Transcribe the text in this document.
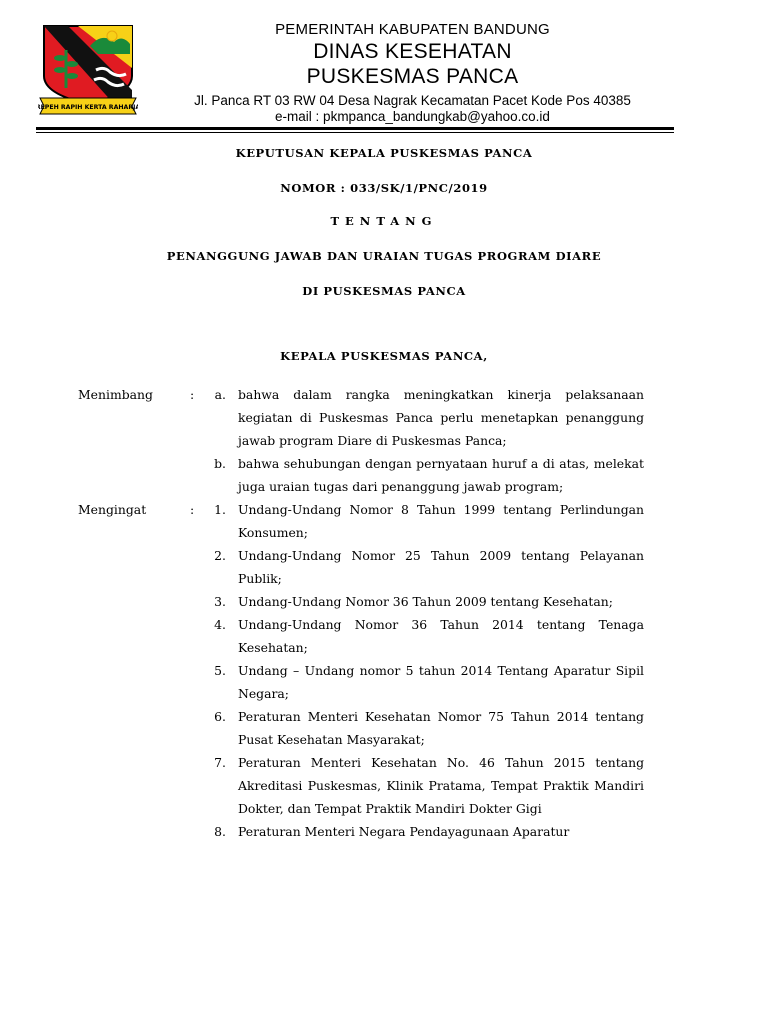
REPEH RAPIH KERTA RAHARJA
PEMERINTAH KABUPATEN BANDUNG
DINAS KESEHATAN
PUSKESMAS PANCA
Jl. Panca RT 03 RW 04 Desa Nagrak Kecamatan Pacet Kode Pos 40385
e-mail : pkmpanca_bandungkab@yahoo.co.id
KEPUTUSAN KEPALA PUSKESMAS PANCA
NOMOR : 033/SK/1/PNC/2019
TENTANG
PENANGGUNG JAWAB DAN URAIAN TUGAS PROGRAM DIARE
DI PUSKESMAS PANCA
KEPALA PUSKESMAS PANCA,
Menimbang	:	a. bahwa dalam rangka meningkatkan kinerja pelaksanaan kegiatan di Puskesmas Panca perlu menetapkan penanggung jawab program Diare di Puskesmas Panca;
b. bahwa sehubungan dengan pernyataan huruf a di atas, melekat juga uraian tugas dari penanggung jawab program;
Mengingat	:	1. Undang-Undang Nomor 8 Tahun 1999 tentang Perlindungan Konsumen;
2. Undang-Undang Nomor 25 Tahun 2009 tentang Pelayanan Publik;
3. Undang-Undang Nomor 36 Tahun 2009 tentang Kesehatan;
4. Undang-Undang Nomor 36 Tahun 2014 tentang Tenaga Kesehatan;
5. Undang – Undang nomor 5 tahun 2014 Tentang Aparatur Sipil Negara;
6. Peraturan Menteri Kesehatan Nomor 75 Tahun 2014 tentang Pusat Kesehatan Masyarakat;
7. Peraturan Menteri Kesehatan No. 46 Tahun 2015 tentang Akreditasi Puskesmas, Klinik Pratama, Tempat Praktik Mandiri Dokter, dan Tempat Praktik Mandiri Dokter Gigi
8. Peraturan Menteri Negara Pendayagunaan Aparatur
